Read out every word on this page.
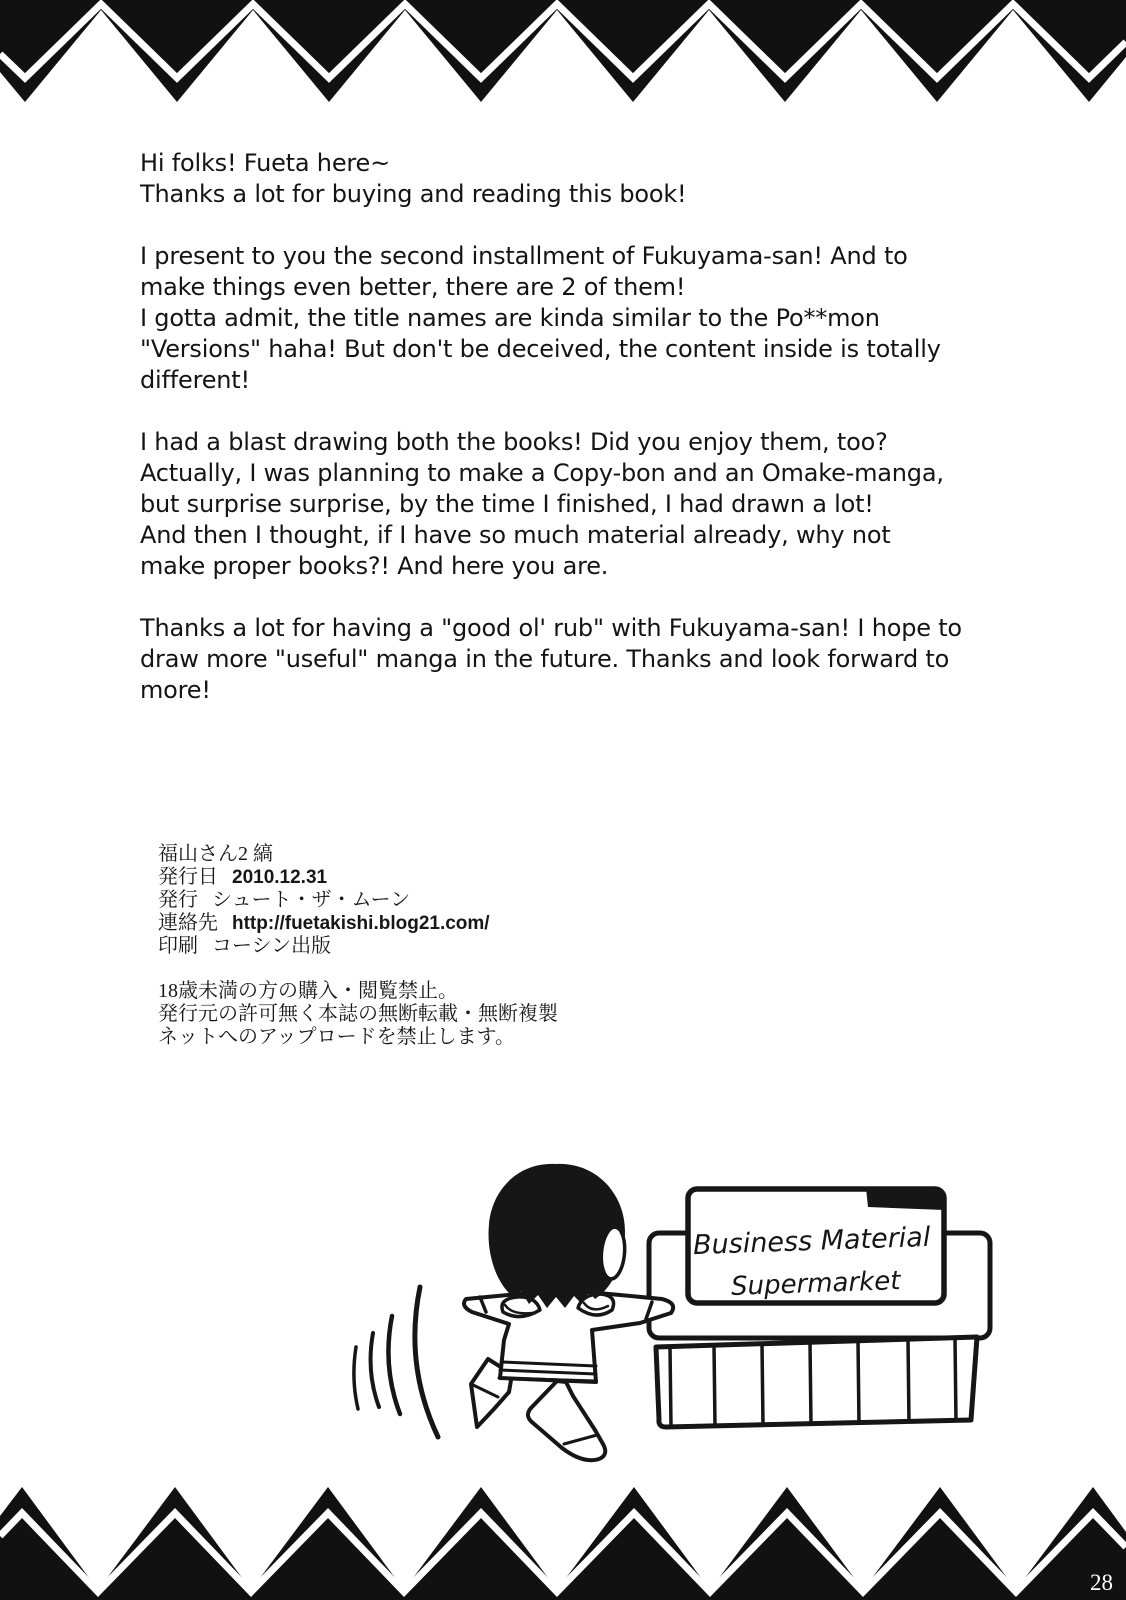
Hi folks! Fueta here~
Thanks a lot for buying and reading this book!
I present to you the second installment of Fukuyama-san! And to
make things even better, there are 2 of them!
I gotta admit, the title names are kinda similar to the Po**mon
"Versions" haha! But don't be deceived, the content inside is totally
different!
I had a blast drawing both the books! Did you enjoy them, too?
Actually, I was planning to make a Copy-bon and an Omake-manga,
but surprise surprise, by the time I finished, I had drawn a lot!
And then I thought, if I have so much material already, why not
make proper books?! And here you are.
Thanks a lot for having a "good ol' rub" with Fukuyama-san! I hope to
draw more "useful" manga in the future. Thanks and look forward to
more!
福山さん2 縞
発行日 2010.12.31
発行 シュート・ザ・ムーン
連絡先 http://fuetakishi.blog21.com/
印刷 コーシン出版
18歳未満の方の購入・閲覧禁止。
発行元の許可無く本誌の無断転載・無断複製
ネットへのアップロードを禁止します。
Business Material
Supermarket
28
